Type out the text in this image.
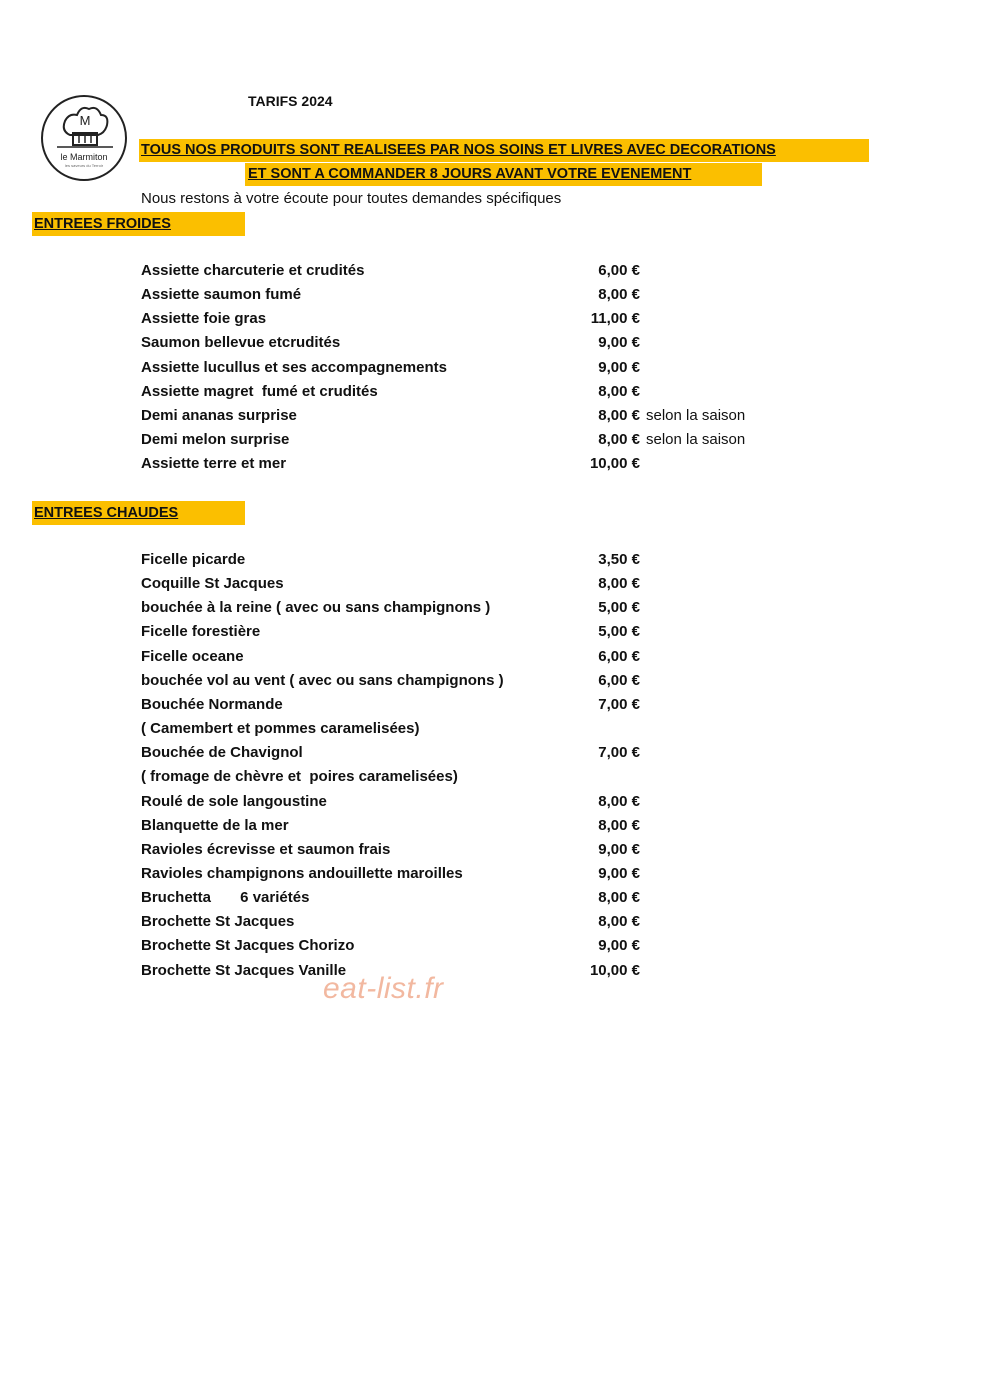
M
le Marmiton
les saveurs du Terroir
TARIFS 2024
TOUS NOS PRODUITS SONT REALISEES PAR NOS SOINS ET LIVRES AVEC DECORATIONS
ET SONT A COMMANDER 8 JOURS AVANT VOTRE EVENEMENT
Nous restons à votre écoute pour toutes demandes spécifiques
ENTREES FROIDES
ENTREES CHAUDES
Assiette charcuterie et crudités	6,00 €
Assiette saumon fumé	8,00 €
Assiette foie gras	11,00 €
Saumon bellevue etcrudités	9,00 €
Assiette lucullus et ses accompagnements	9,00 €
Assiette magret  fumé et crudités	8,00 €
Demi ananas surprise	8,00 € selon la saison
Demi melon surprise	8,00 € selon la saison
Assiette terre et mer	10,00 €
Ficelle picarde	3,50 €
Coquille St Jacques	8,00 €
bouchée à la reine ( avec ou sans champignons )	5,00 €
Ficelle forestière	5,00 €
Ficelle oceane	6,00 €
bouchée vol au vent ( avec ou sans champignons )	6,00 €
Bouchée Normande	7,00 €
( Camembert et pommes caramelisées)
Bouchée de Chavignol	7,00 €
( fromage de chèvre et  poires caramelisées)
Roulé de sole langoustine	8,00 €
Blanquette de la mer	8,00 €
Ravioles écrevisse et saumon frais	9,00 €
Ravioles champignons andouillette maroilles	9,00 €
Bruchetta       6 variétés	8,00 €
Brochette St Jacques	8,00 €
Brochette St Jacques Chorizo	9,00 €
Brochette St Jacques Vanille	10,00 €
eat-list.fr
